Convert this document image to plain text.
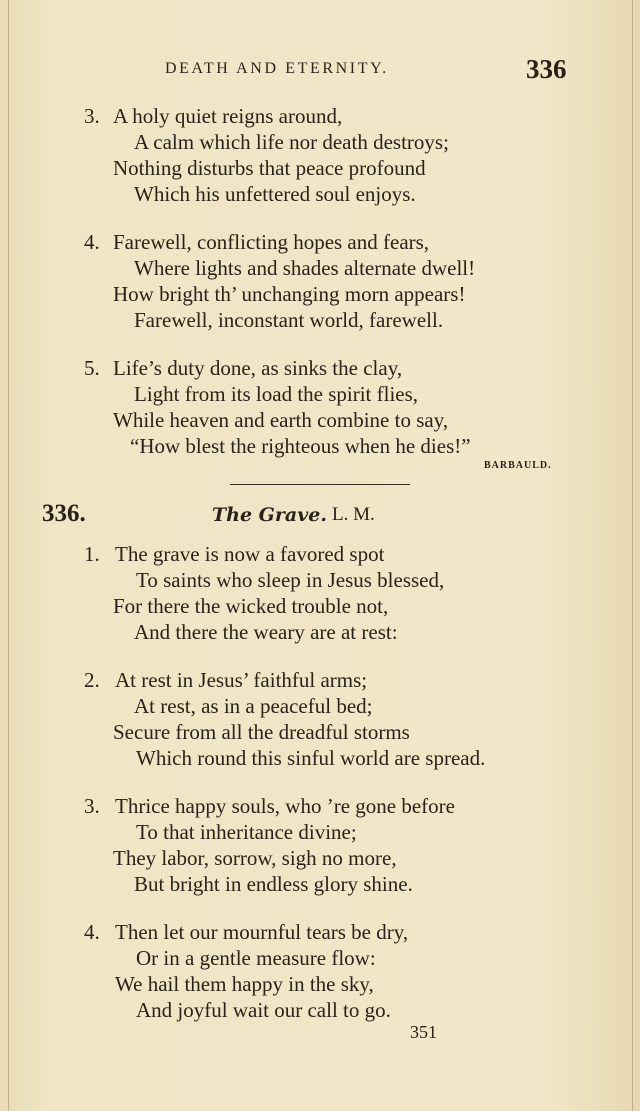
DEATH AND ETERNITY.	336
3. A holy quiet reigns around,
A calm which life nor death destroys;
Nothing disturbs that peace profound
Which his unfettered soul enjoys.
4. Farewell, conflicting hopes and fears,
Where lights and shades alternate dwell!
How bright th’ unchanging morn appears!
Farewell, inconstant world, farewell.
5. Life’s duty done, as sinks the clay,
Light from its load the spirit flies,
While heaven and earth combine to say,
“How blest the righteous when he dies!”
BARBAULD.
336.	The Grave. L. M.
1. The grave is now a favored spot
To saints who sleep in Jesus blessed,
For there the wicked trouble not,
And there the weary are at rest:
2. At rest in Jesus’ faithful arms;
At rest, as in a peaceful bed;
Secure from all the dreadful storms
Which round this sinful world are spread.
3. Thrice happy souls, who ’re gone before
To that inheritance divine;
They labor, sorrow, sigh no more,
But bright in endless glory shine.
4. Then let our mournful tears be dry,
Or in a gentle measure flow:
We hail them happy in the sky,
And joyful wait our call to go.
351
